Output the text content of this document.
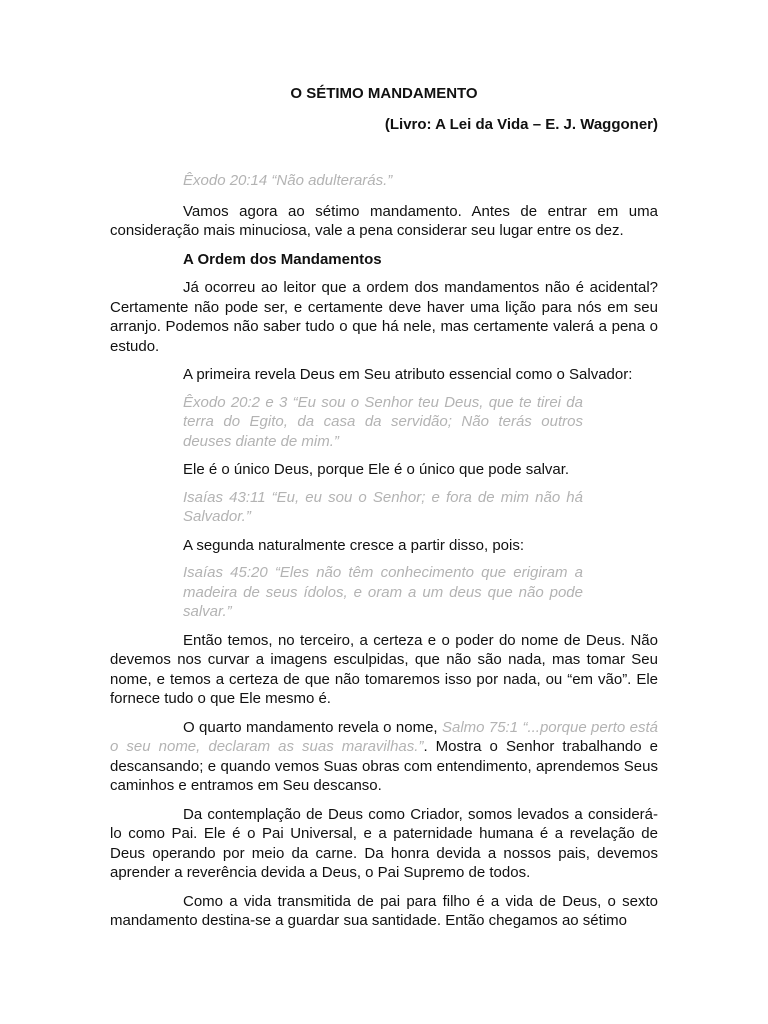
O SÉTIMO MANDAMENTO
(Livro: A Lei da Vida – E. J. Waggoner)

Êxodo 20:14 “Não adulterarás.”

Vamos agora ao sétimo mandamento. Antes de entrar em uma consideração mais minuciosa, vale a pena considerar seu lugar entre os dez.

A Ordem dos Mandamentos

Já ocorreu ao leitor que a ordem dos mandamentos não é acidental? Certamente não pode ser, e certamente deve haver uma lição para nós em seu arranjo. Podemos não saber tudo o que há nele, mas certamente valerá a pena o estudo.

A primeira revela Deus em Seu atributo essencial como o Salvador:

Êxodo 20:2 e 3 “Eu sou o Senhor teu Deus, que te tirei da terra do Egito, da casa da servidão; Não terás outros deuses diante de mim.”

Ele é o único Deus, porque Ele é o único que pode salvar.

Isaías 43:11 “Eu, eu sou o Senhor; e fora de mim não há Salvador.”

A segunda naturalmente cresce a partir disso, pois:

Isaías 45:20 “Eles não têm conhecimento que erigiram a madeira de seus ídolos, e oram a um deus que não pode salvar.”

Então temos, no terceiro, a certeza e o poder do nome de Deus. Não devemos nos curvar a imagens esculpidas, que não são nada, mas tomar Seu nome, e temos a certeza de que não tomaremos isso por nada, ou “em vão”. Ele fornece tudo o que Ele mesmo é.

O quarto mandamento revela o nome, Salmo 75:1 “...porque perto está o seu nome, declaram as suas maravilhas.”. Mostra o Senhor trabalhando e descansando; e quando vemos Suas obras com entendimento, aprendemos Seus caminhos e entramos em Seu descanso.

Da contemplação de Deus como Criador, somos levados a considerá-lo como Pai. Ele é o Pai Universal, e a paternidade humana é a revelação de Deus operando por meio da carne. Da honra devida a nossos pais, devemos aprender a reverência devida a Deus, o Pai Supremo de todos.

Como a vida transmitida de pai para filho é a vida de Deus, o sexto mandamento destina-se a guardar sua santidade. Então chegamos ao sétimo
